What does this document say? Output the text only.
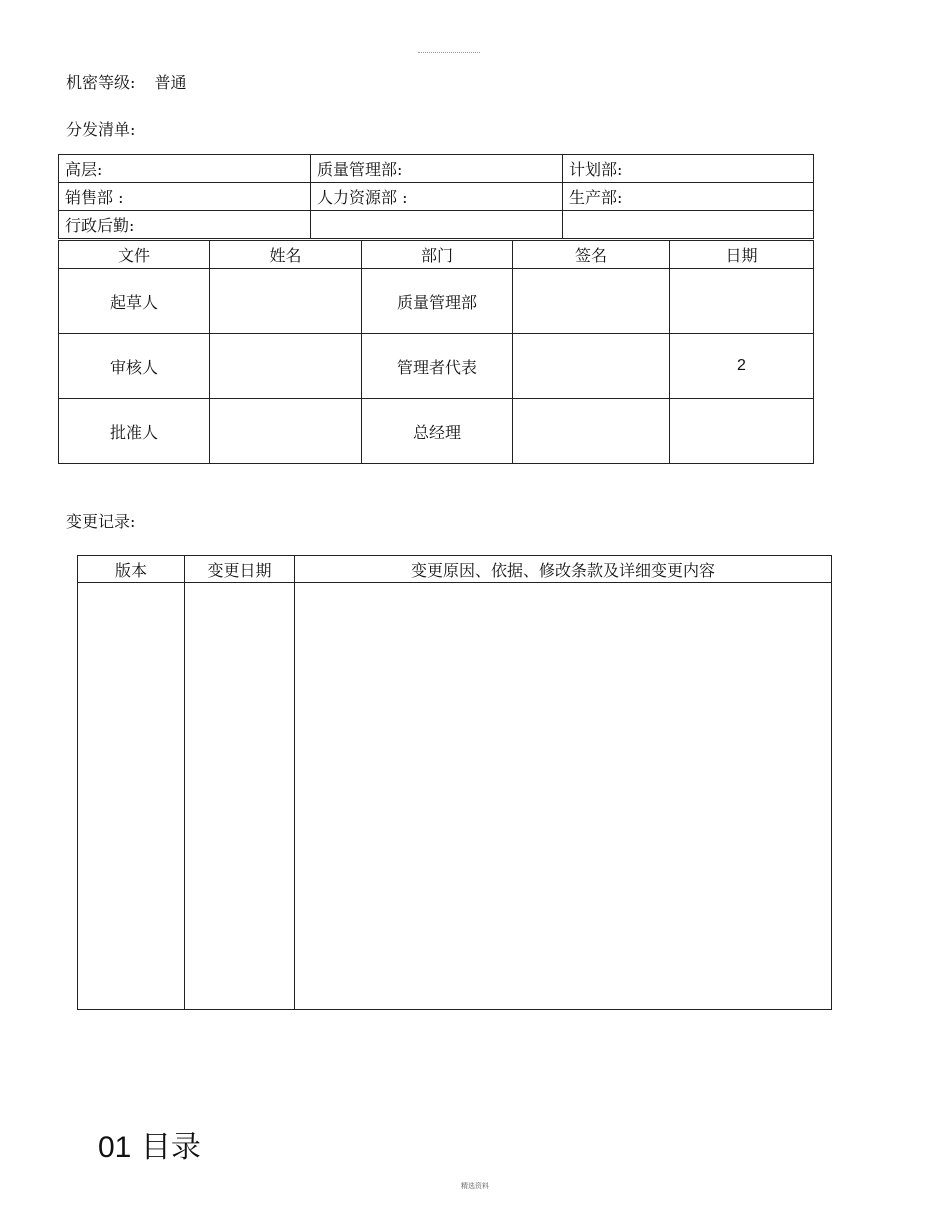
机密等级: 普通
分发清单:
高层:	质量管理部:	计划部:
销售部 :	人力资源部 :	生产部:
行政后勤:		
文件	姓名	部门	签名	日期
起草人		质量管理部		
审核人		管理者代表		2
批准人		总经理		
变更记录:
版本	变更日期	变更原因、依据、修改条款及详细变更内容

01 目录
精选资料
